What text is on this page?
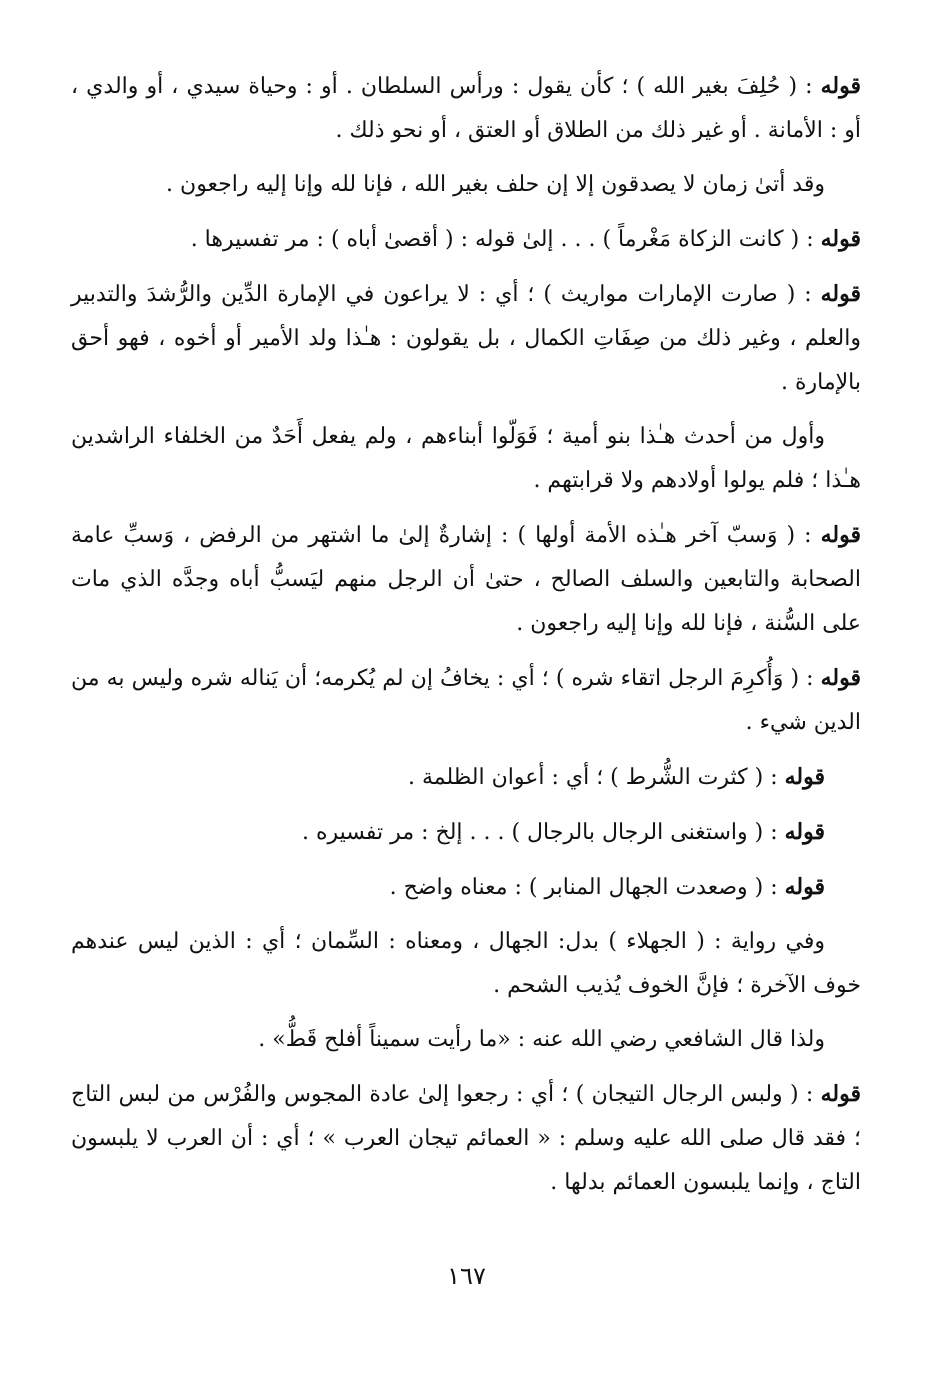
قوله : ( حُلِفَ بغير الله ) ؛ كأن يقول : ورأس السلطان . أو : وحياة سيدي ، أو والدي ، أو : الأمانة . أو غير ذلك من الطلاق أو العتق ، أو نحو ذلك .

وقد أتىٰ زمان لا يصدقون إلا إن حلف بغير الله ، فإنا لله وإنا إليه راجعون .

قوله : ( كانت الزكاة مَغْرماً ) . . . إلىٰ قوله : ( أقصىٰ أباه ) : مر تفسيرها .

قوله : ( صارت الإمارات مواريث ) ؛ أي : لا يراعون في الإمارة الدِّين والرُّشدَ والتدبير والعلم ، وغير ذلك من صِفَاتِ الكمال ، بل يقولون : هـٰذا ولد الأمير أو أخوه ، فهو أحق بالإمارة .

وأول من أحدث هـٰذا بنو أمية ؛ فَوَلّوا أبناءهم ، ولم يفعل أَحَدٌ من الخلفاء الراشدين هـٰذا ؛ فلم يولوا أولادهم ولا قرابتهم .

قوله : ( وَسبّ آخر هـٰذه الأمة أولها ) : إشارةٌ إلىٰ ما اشتهر من الرفض ، وَسبِّ عامة الصحابة والتابعين والسلف الصالح ، حتىٰ أن الرجل منهم ليَسبُّ أباه وجدَّه الذي مات على السُّنة ، فإنا لله وإنا إليه راجعون .

قوله : ( وَأُكرِمَ الرجل اتقاء شره ) ؛ أي : يخافُ إن لم يُكرمه؛ أن يَناله شره وليس به من الدين شيء .

قوله : ( كثرت الشُّرط ) ؛ أي : أعوان الظلمة .

قوله : ( واستغنى الرجال بالرجال ) . . . إلخ : مر تفسيره .

قوله : ( وصعدت الجهال المنابر ) : معناه واضح .

وفي رواية : ( الجهلاء ) بدل: الجهال ، ومعناه : السِّمان ؛ أي : الذين ليس عندهم خوف الآخرة ؛ فإنَّ الخوف يُذيب الشحم .

ولذا قال الشافعي رضي الله عنه : «ما رأيت سميناً أفلح قَطُّ» .

قوله : ( ولبس الرجال التيجان ) ؛ أي : رجعوا إلىٰ عادة المجوس والفُرْس من لبس التاج ؛ فقد قال صلى الله عليه وسلم : « العمائم تيجان العرب » ؛ أي : أن العرب لا يلبسون التاج ، وإنما يلبسون العمائم بدلها .

١٦٧
